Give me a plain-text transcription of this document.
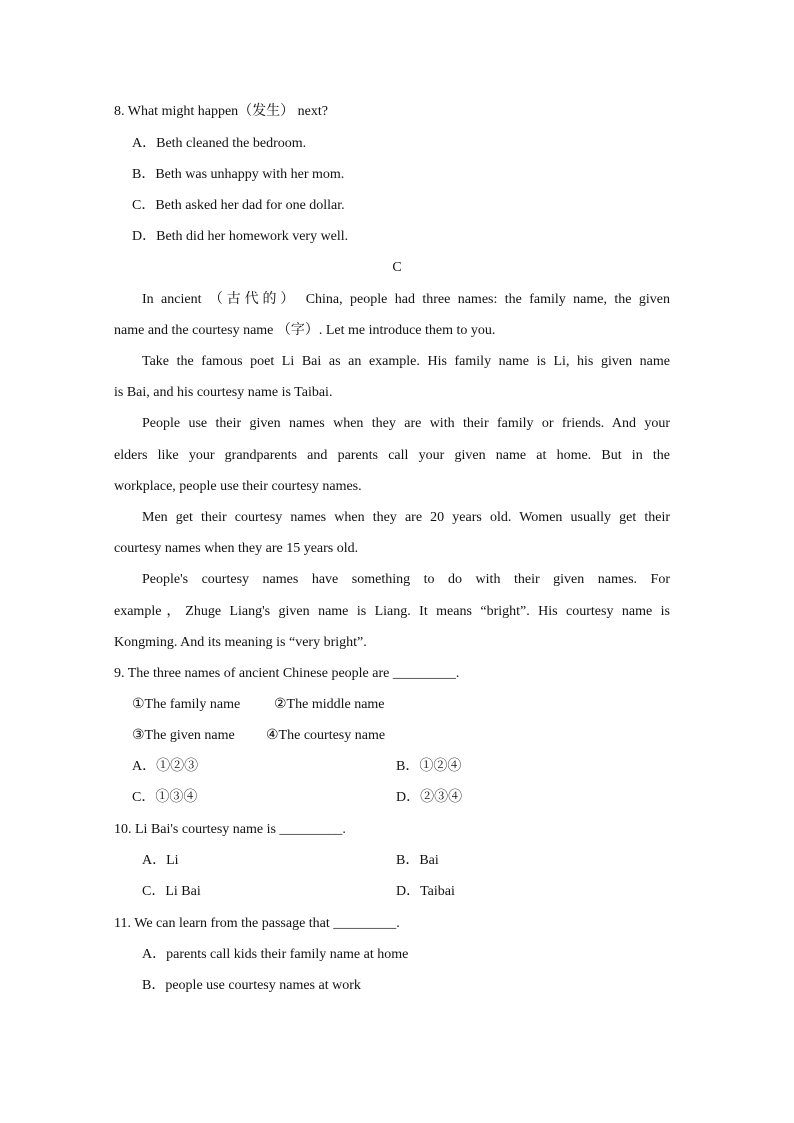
8. What might happen（发生） next?
A．Beth cleaned the bedroom.
B．Beth was unhappy with her mom.
C．Beth asked her dad for one dollar.
D．Beth did her homework very well.
C
In ancient （古代的） China, people had three names: the family name, the given
name and the courtesy name （字）. Let me introduce them to you.
Take the famous poet Li Bai as an example. His family name is Li, his given name
is Bai, and his courtesy name is Taibai.
People use their given names when they are with their family or friends. And your
elders like your grandparents and parents call your given name at home. But in the
workplace, people use their courtesy names.
Men get their courtesy names when they are 20 years old. Women usually get their
courtesy names when they are 15 years old.
People's courtesy names have something to do with their given names. For
example，Zhuge Liang's given name is Liang. It means “bright”. His courtesy name is
Kongming. And its meaning is “very bright”.
9. The three names of ancient Chinese people are _________.
①The family name ②The middle name
③The given name ④The courtesy name
A．①②③	B．①②④
C．①③④	D．②③④
10. Li Bai's courtesy name is _________.
A．Li	B．Bai
C．Li Bai	D．Taibai
11. We can learn from the passage that _________.
A．parents call kids their family name at home
B．people use courtesy names at work
